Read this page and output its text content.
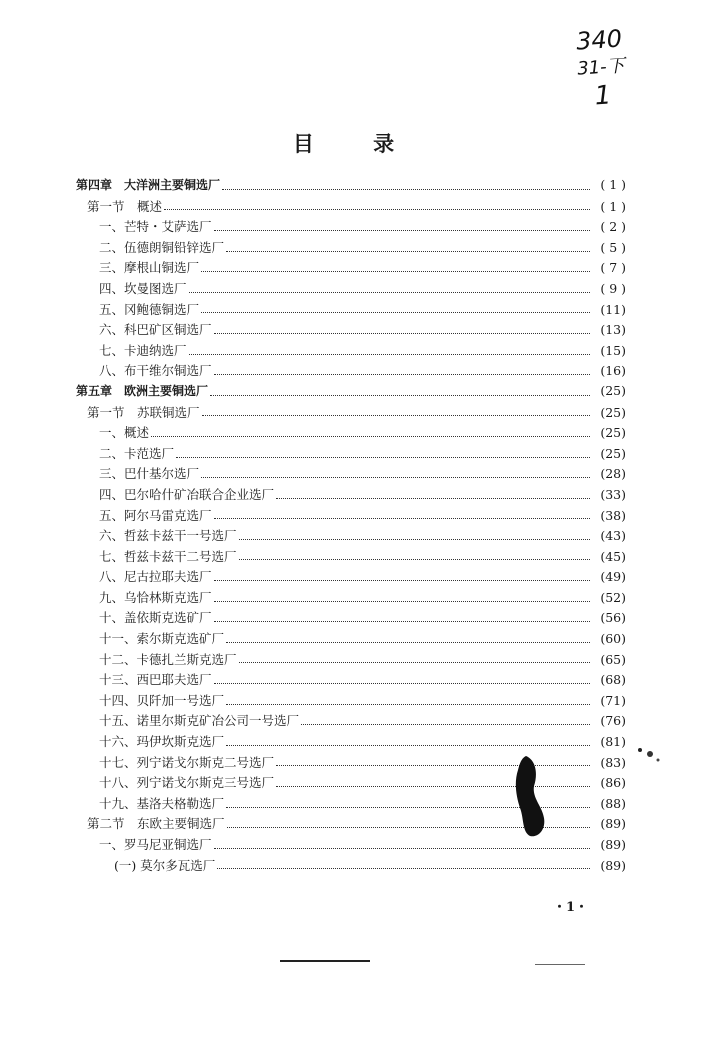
340
31-下
1
目 录
第四章　大洋洲主要铜选厂	( 1 )
第一节　概述	( 1 )
一、芒特・艾萨选厂	( 2 )
二、伍德朗铜铅锌选厂	( 5 )
三、摩根山铜选厂	( 7 )
四、坎曼图选厂	( 9 )
五、冈鲍德铜选厂	(11)
六、科巴矿区铜选厂	(13)
七、卡迪纳选厂	(15)
八、布干维尔铜选厂	(16)
第五章　欧洲主要铜选厂	(25)
第一节　苏联铜选厂	(25)
一、概述	(25)
二、卡范选厂	(25)
三、巴什基尔选厂	(28)
四、巴尔哈什矿冶联合企业选厂	(33)
五、阿尔马雷克选厂	(38)
六、哲兹卡兹干一号选厂	(43)
七、哲兹卡兹干二号选厂	(45)
八、尼古拉耶夫选厂	(49)
九、乌恰林斯克选厂	(52)
十、盖依斯克选矿厂	(56)
十一、索尔斯克选矿厂	(60)
十二、卡德扎兰斯克选厂	(65)
十三、西巴耶夫选厂	(68)
十四、贝阡加一号选厂	(71)
十五、诺里尔斯克矿冶公司一号选厂	(76)
十六、玛伊坎斯克选厂	(81)
十七、列宁诺戈尔斯克二号选厂	(83)
十八、列宁诺戈尔斯克三号选厂	(86)
十九、基洛夫格勒选厂	(88)
第二节　东欧主要铜选厂	(89)
一、罗马尼亚铜选厂	(89)
(一) 莫尔多瓦选厂	(89)
・1・
